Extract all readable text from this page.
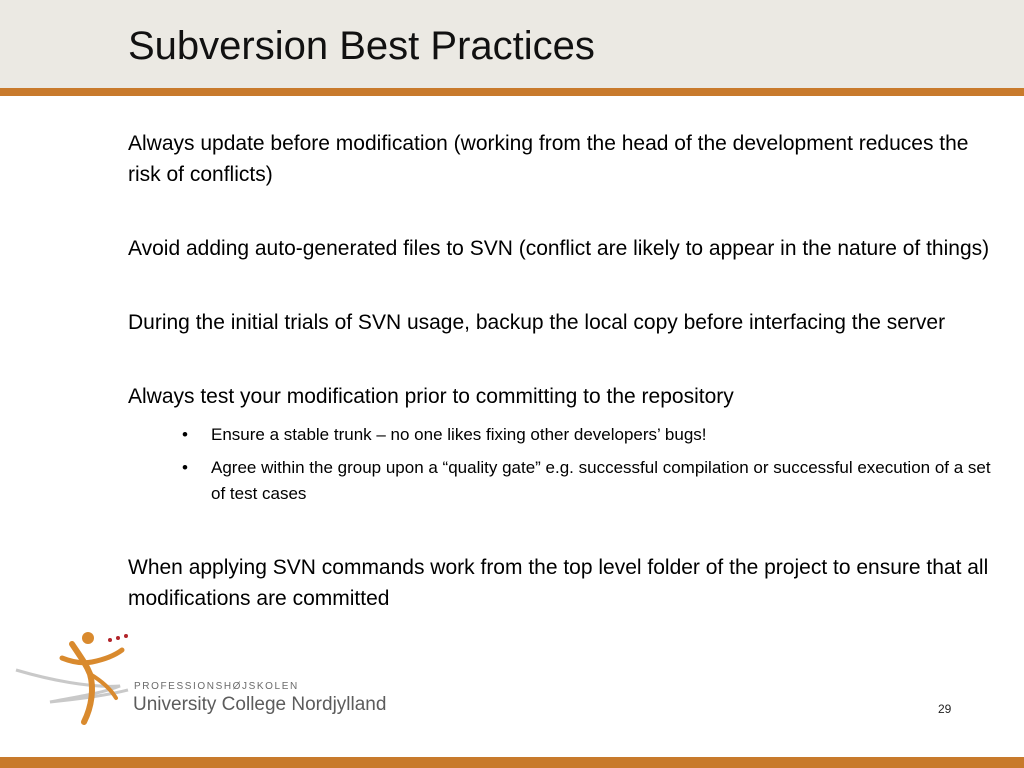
Subversion Best Practices

Always update before modification (working from the head of the development reduces the risk of conflicts)

Avoid adding auto-generated files to SVN (conflict are likely to appear in the nature of things)

During the initial trials of SVN usage, backup the local copy before interfacing the server

Always test your modification prior to committing to the repository

• Ensure a stable trunk – no one likes fixing other developers’ bugs!
• Agree within the group upon a “quality gate” e.g. successful compilation or successful execution of a set of test cases

When applying SVN commands work from the top level folder of the project to ensure that all modifications are committed

PROFESSIONSHØJSKOLEN
University College Nordjylland	29
